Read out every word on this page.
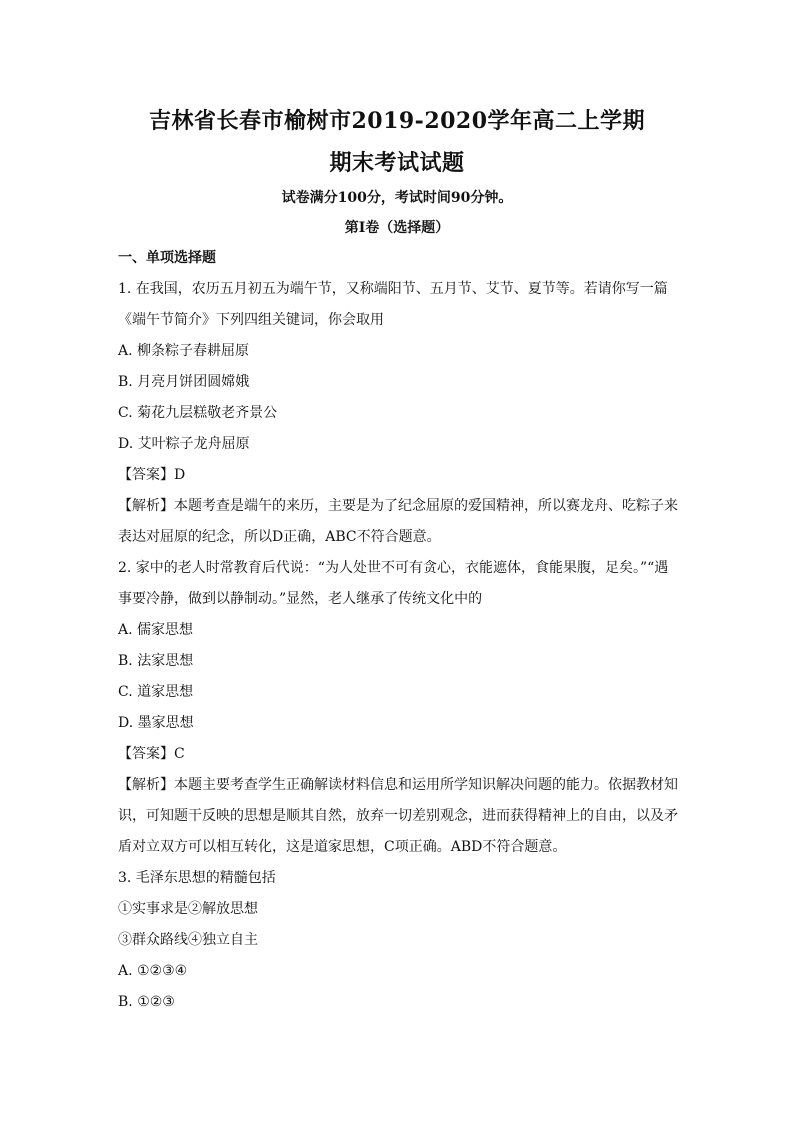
吉林省长春市榆树市2019-2020学年高二上学期
期末考试试题

试卷满分100分，考试时间90分钟。

第Ⅰ卷（选择题）

一、单项选择题
1. 在我国，农历五月初五为端午节，又称端阳节、五月节、艾节、夏节等。若请你写一篇
《端午节简介》下列四组关键词，你会取用
A. 柳条粽子春耕屈原
B. 月亮月饼团圆嫦娥
C. 菊花九层糕敬老齐景公
D. 艾叶粽子龙舟屈原
【答案】D
【解析】本题考查是端午的来历，主要是为了纪念屈原的爱国精神，所以赛龙舟、吃粽子来
表达对屈原的纪念，所以D正确，ABC不符合题意。
2. 家中的老人时常教育后代说：“为人处世不可有贪心，衣能遮体，食能果腹，足矣。”“遇
事要冷静，做到以静制动。”显然，老人继承了传统文化中的
A. 儒家思想
B. 法家思想
C. 道家思想
D. 墨家思想
【答案】C
【解析】本题主要考查学生正确解读材料信息和运用所学知识解决问题的能力。依据教材知
识，可知题干反映的思想是顺其自然，放弃一切差别观念，进而获得精神上的自由，以及矛
盾对立双方可以相互转化，这是道家思想，C项正确。ABD不符合题意。
3. 毛泽东思想的精髓包括
①实事求是②解放思想
③群众路线④独立自主
A. ①②③④
B. ①②③
